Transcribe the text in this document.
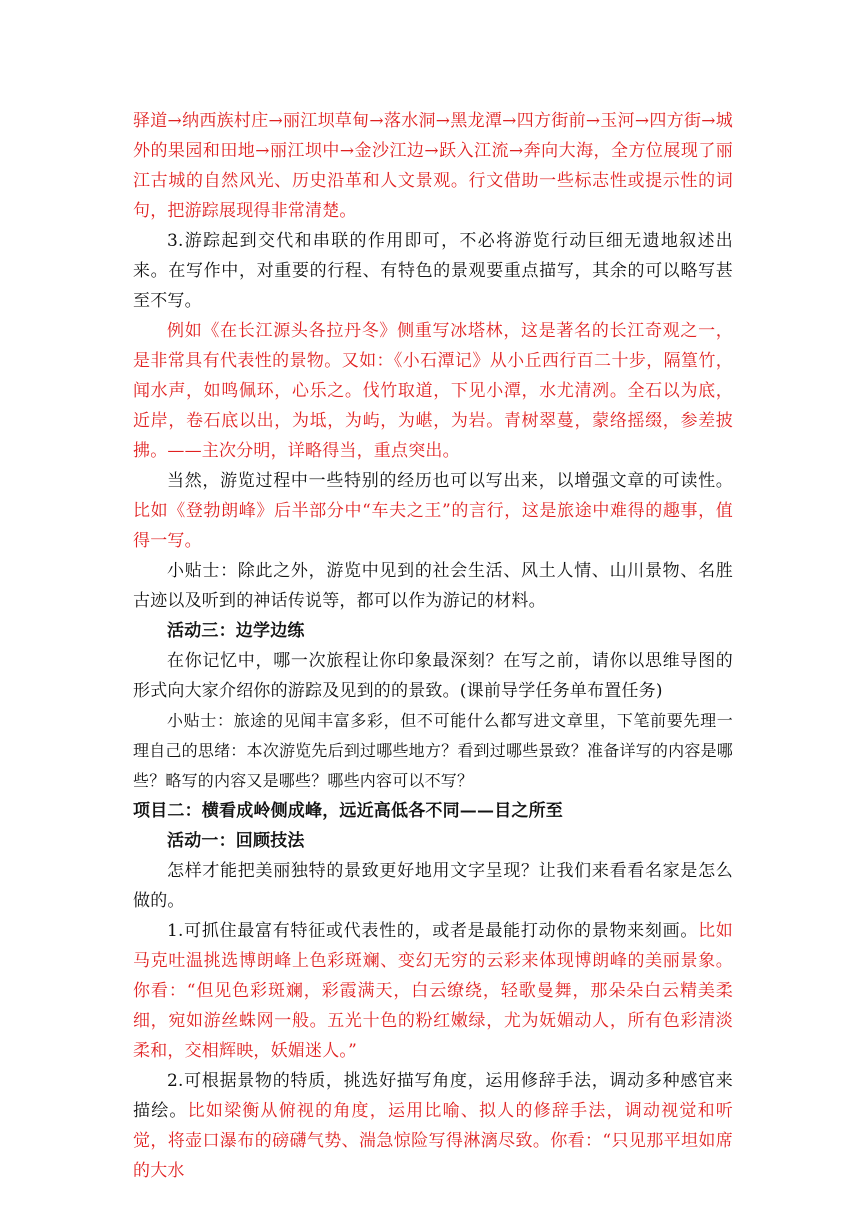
驿道→纳西族村庄→丽江坝草甸→落水洞→黑龙潭→四方街前→玉河→四方街→城外的果园和田地→丽江坝中→金沙江边→跃入江流→奔向大海，全方位展现了丽江古城的自然风光、历史沿革和人文景观。行文借助一些标志性或提示性的词句，把游踪展现得非常清楚。

3.游踪起到交代和串联的作用即可，不必将游览行动巨细无遗地叙述出来。在写作中，对重要的行程、有特色的景观要重点描写，其余的可以略写甚至不写。

例如《在长江源头各拉丹冬》侧重写冰塔林，这是著名的长江奇观之一，是非常具有代表性的景物。又如：《小石潭记》从小丘西行百二十步，隔篁竹，闻水声，如鸣佩环，心乐之。伐竹取道，下见小潭，水尤清冽。全石以为底，近岸，卷石底以出，为坻，为屿，为嵁，为岩。青树翠蔓，蒙络摇缀，参差披拂。——主次分明，详略得当，重点突出。

当然，游览过程中一些特别的经历也可以写出来，以增强文章的可读性。比如《登勃朗峰》后半部分中“车夫之王”的言行，这是旅途中难得的趣事，值得一写。

小贴士：除此之外，游览中见到的社会生活、风土人情、山川景物、名胜古迹以及听到的神话传说等，都可以作为游记的材料。

活动三：边学边练

在你记忆中，哪一次旅程让你印象最深刻？在写之前，请你以思维导图的形式向大家介绍你的游踪及见到的的景致。(课前导学任务单布置任务)

小贴士：旅途的见闻丰富多彩，但不可能什么都写进文章里，下笔前要先理一理自己的思绪：本次游览先后到过哪些地方？看到过哪些景致？准备详写的内容是哪些？略写的内容又是哪些？哪些内容可以不写？

项目二：横看成岭侧成峰，远近高低各不同——目之所至

活动一：回顾技法

怎样才能把美丽独特的景致更好地用文字呈现？让我们来看看名家是怎么做的。

1.可抓住最富有特征或代表性的，或者是最能打动你的景物来刻画。比如马克吐温挑选博朗峰上色彩斑斓、变幻无穷的云彩来体现博朗峰的美丽景象。你看：“但见色彩斑斓，彩霞满天，白云缭绕，轻歌曼舞，那朵朵白云精美柔细，宛如游丝蛛网一般。五光十色的粉红嫩绿，尤为妩媚动人，所有色彩清淡柔和，交相辉映，妖媚迷人。”

2.可根据景物的特质，挑选好描写角度，运用修辞手法，调动多种感官来描绘。比如梁衡从俯视的角度，运用比喻、拟人的修辞手法，调动视觉和听觉，将壶口瀑布的磅礴气势、湍急惊险写得淋漓尽致。你看：“只见那平坦如席的大水
